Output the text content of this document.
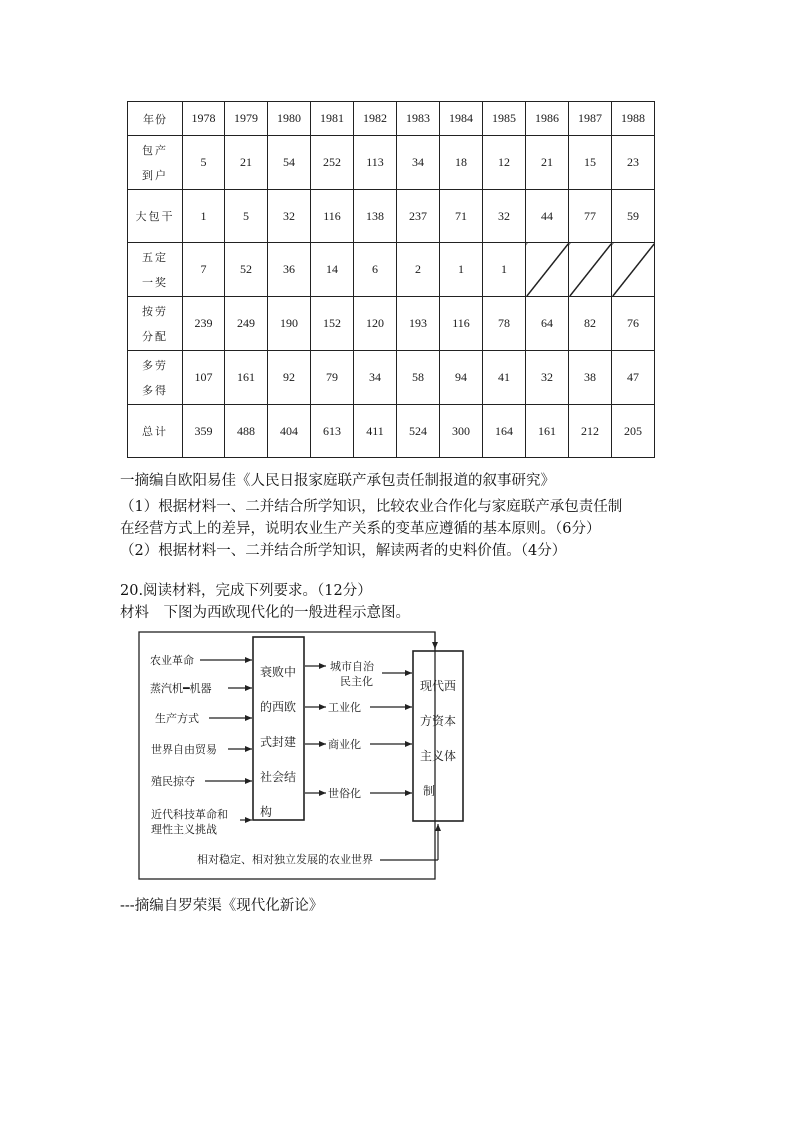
年份	1978	1979	1980	1981	1982	1983	1984	1985	1986	1987	1988

包产
到户	5	21	54	252	113	34	18	12	21	15	23
大包干	1	5	32	116	138	237	71	32	44	77	59

五定
一奖	7	52	36	14	6	2	1	1			

按劳
分配	239	249	190	152	120	193	116	78	64	82	76

多劳
多得	107	161	92	79	34	58	94	41	32	38	47
总计	359	488	404	613	411	524	300	164	161	212	205
一摘编自欧阳易佳《人民日报家庭联产承包责任制报道的叙事研究》
（1）根据材料一、二并结合所学知识，比较农业合作化与家庭联产承包责任制
在经营方式上的差异，说明农业生产关系的变革应遵循的基本原则。（6分）
（2）根据材料一、二并结合所学知识，解读两者的史料价值。（4分）
20.阅读材料，完成下列要求。（12分）
材料　下图为西欧现代化的一般进程示意图。
---摘编自罗荣渠《现代化新论》
农业革命
蒸汽机━机器
生产方式
世界自由贸易
殖民掠夺
近代科技革命和
理性主义挑战
衰败中
的西欧
式封建
社会结
构
城市自治
民主化
工业化
商业化
世俗化
现代西
方资本
主义体
制
相对稳定、相对独立发展的农业世界
